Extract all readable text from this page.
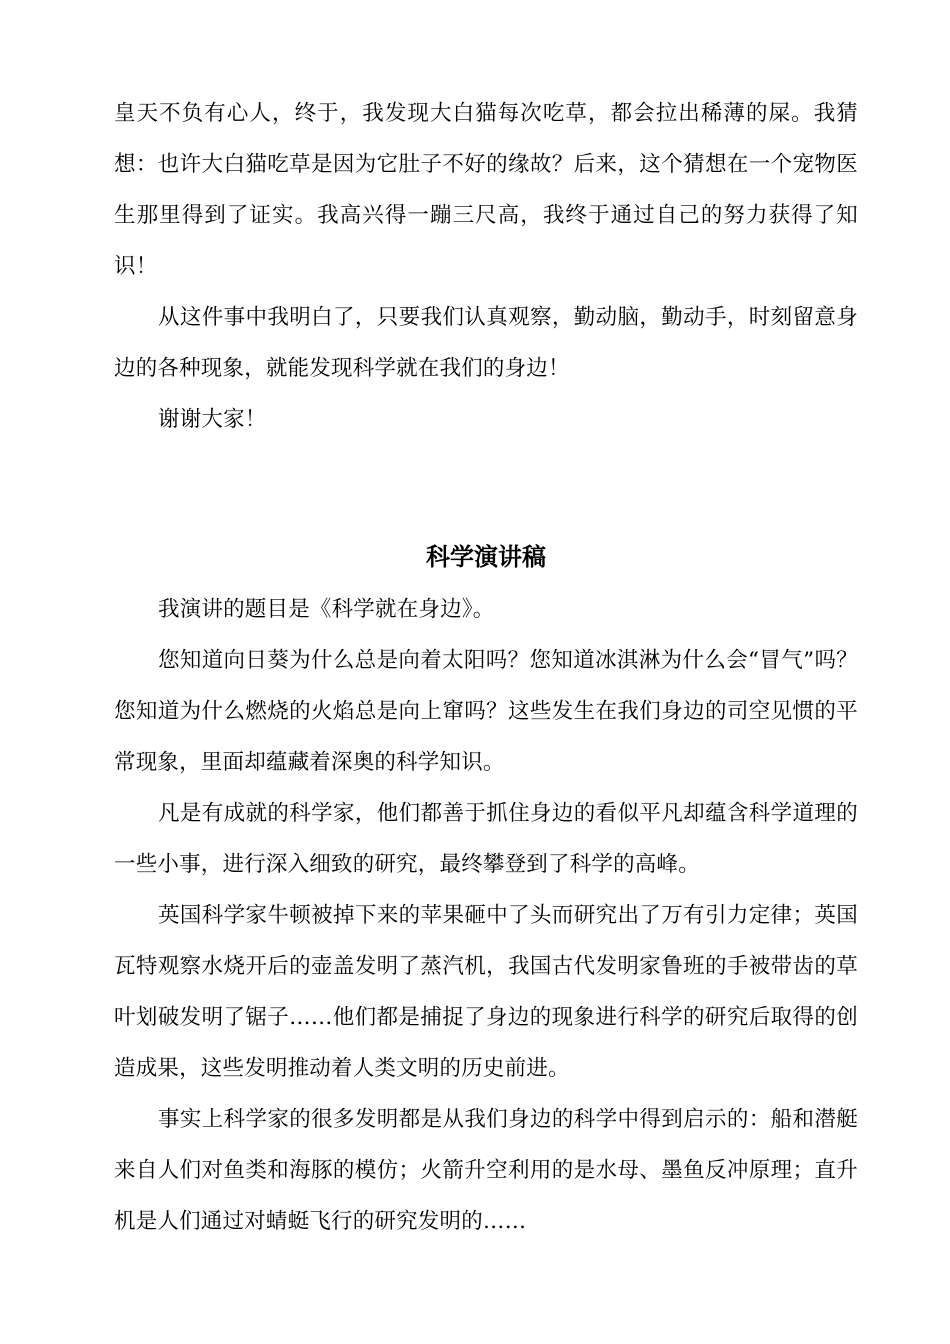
皇天不负有心人，终于，我发现大白猫每次吃草，都会拉出稀薄的屎。我猜想：也许大白猫吃草是因为它肚子不好的缘故？后来，这个猜想在一个宠物医生那里得到了证实。我高兴得一蹦三尺高，我终于通过自己的努力获得了知识！

从这件事中我明白了，只要我们认真观察，勤动脑，勤动手，时刻留意身边的各种现象，就能发现科学就在我们的身边！

谢谢大家！

科学演讲稿

我演讲的题目是《科学就在身边》。

您知道向日葵为什么总是向着太阳吗？您知道冰淇淋为什么会“冒气”吗？您知道为什么燃烧的火焰总是向上窜吗？这些发生在我们身边的司空见惯的平常现象，里面却蕴藏着深奥的科学知识。

凡是有成就的科学家，他们都善于抓住身边的看似平凡却蕴含科学道理的一些小事，进行深入细致的研究，最终攀登到了科学的高峰。

英国科学家牛顿被掉下来的苹果砸中了头而研究出了万有引力定律；英国瓦特观察水烧开后的壶盖发明了蒸汽机，我国古代发明家鲁班的手被带齿的草叶划破发明了锯子……他们都是捕捉了身边的现象进行科学的研究后取得的创造成果，这些发明推动着人类文明的历史前进。

事实上科学家的很多发明都是从我们身边的科学中得到启示的：船和潜艇来自人们对鱼类和海豚的模仿；火箭升空利用的是水母、墨鱼反冲原理；直升机是人们通过对蜻蜓飞行的研究发明的……
